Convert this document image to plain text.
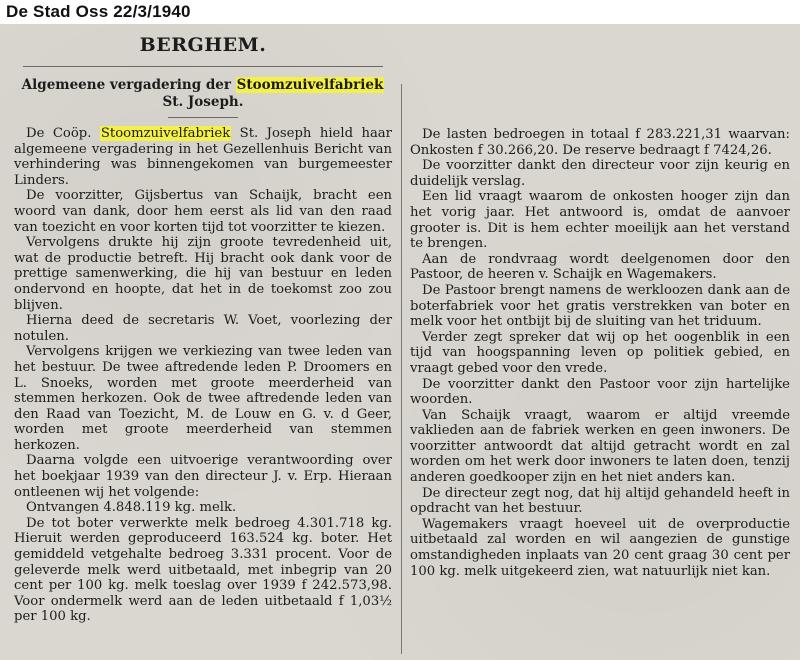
De Stad Oss 22/3/1940
BERGHEM.
Algemeene vergadering der Stoomzuivelfabriek
St. Joseph.

De Coöp. Stoomzuivelfabriek St. Joseph hield haar algemeene vergadering in het Gezellenhuis Bericht van verhindering was binnengekomen van burgemeester Linders.

De voorzitter, Gijsbertus van Schaijk, bracht een woord van dank, door hem eerst als lid van den raad van toezicht en voor korten tijd tot voorzitter te kiezen.

Vervolgens drukte hij zijn groote tevredenheid uit, wat de productie betreft. Hij bracht ook dank voor de prettige samenwerking, die hij van bestuur en leden ondervond en hoopte, dat het in de toekomst zoo zou blijven.

Hierna deed de secretaris W. Voet, voorlezing der notulen.

Vervolgens krijgen we verkiezing van twee leden van het bestuur. De twee aftredende leden P. Droomers en L. Snoeks, worden met groote meerderheid van stemmen herkozen. Ook de twee aftredende leden van den Raad van Toezicht, M. de Louw en G. v. d Geer, worden met groote meerderheid van stemmen herkozen.

Daarna volgde een uitvoerige verantwoording over het boekjaar 1939 van den directeur J. v. Erp. Hieraan ontleenen wij het volgende:

Ontvangen 4.848.119 kg. melk.

De tot boter verwerkte melk bedroeg 4.301.718 kg. Hieruit werden geproduceerd 163.524 kg. boter. Het gemiddeld vetgehalte bedroeg 3.331 procent. Voor de geleverde melk werd uitbetaald, met inbegrip van 20 cent per 100 kg. melk toeslag over 1939 f 242.573,98. Voor ondermelk werd aan de leden uitbetaald f 1,03½ per 100 kg.

De lasten bedroegen in totaal f 283.221,31 waarvan: Onkosten f 30.266,20. De reserve bedraagt f 7424,26.

De voorzitter dankt den directeur voor zijn keurig en duidelijk verslag.

Een lid vraagt waarom de onkosten hooger zijn dan het vorig jaar. Het antwoord is, omdat de aanvoer grooter is. Dit is hem echter moeilijk aan het verstand te brengen.

Aan de rondvraag wordt deelgenomen door den Pastoor, de heeren v. Schaijk en Wagemakers.

De Pastoor brengt namens de werkloozen dank aan de boterfabriek voor het gratis verstrekken van boter en melk voor het ontbijt bij de sluiting van het triduum.

Verder zegt spreker dat wij op het oogenblik in een tijd van hoogspanning leven op politiek gebied, en vraagt gebed voor den vrede.

De voorzitter dankt den Pastoor voor zijn hartelijke woorden.

Van Schaijk vraagt, waarom er altijd vreemde vaklieden aan de fabriek werken en geen inwoners. De voorzitter antwoordt dat altijd getracht wordt en zal worden om het werk door inwoners te laten doen, tenzij anderen goedkooper zijn en het niet anders kan.

De directeur zegt nog, dat hij altijd gehandeld heeft in opdracht van het bestuur.

Wagemakers vraagt hoeveel uit de overproductie uitbetaald zal worden en wil aangezien de gunstige omstandigheden inplaats van 20 cent graag 30 cent per 100 kg. melk uitgekeerd zien, wat natuurlijk niet kan.
